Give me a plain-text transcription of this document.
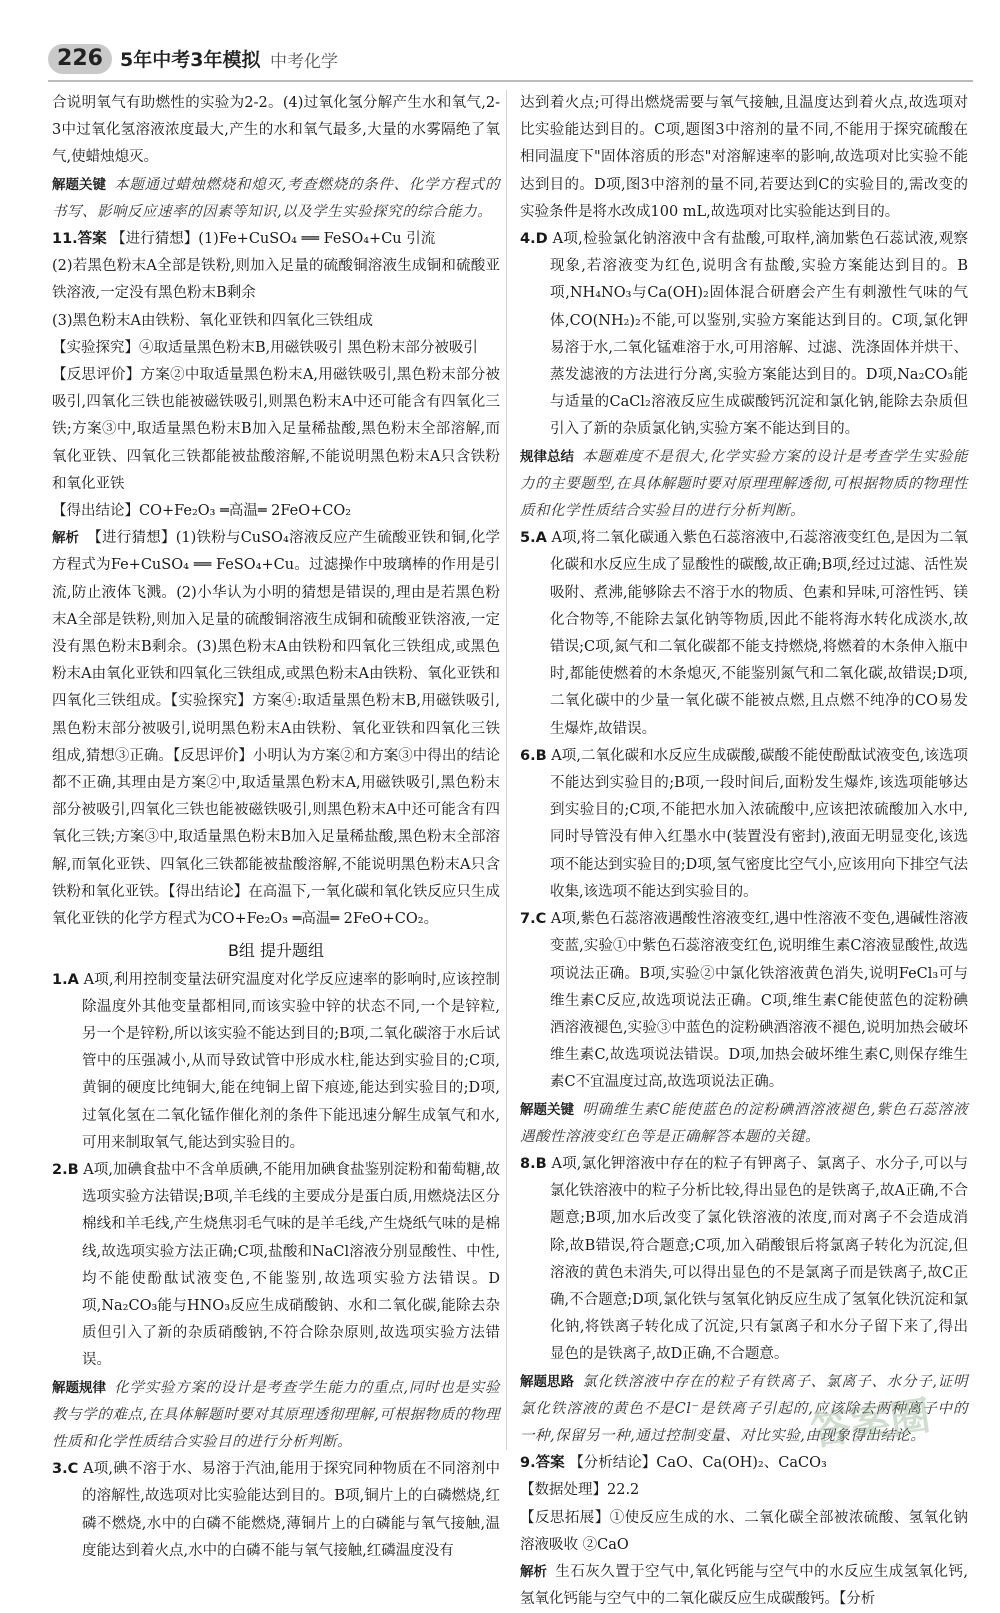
226 5年中考3年模拟 中考化学

合说明氧气有助燃性的实验为2-2。(4)过氧化氢分解产生水和氧气,2-3中过氧化氢溶液浓度最大,产生的水和氧气最多,大量的水雾隔绝了氧气,使蜡烛熄灭。

解题关键 本题通过蜡烛燃烧和熄灭,考查燃烧的条件、化学方程式的书写、影响反应速率的因素等知识,以及学生实验探究的综合能力。

11.答案 【进行猜想】(1)Fe+CuSO₄ ══ FeSO₄+Cu 引流

(2)若黑色粉末A全部是铁粉,则加入足量的硫酸铜溶液生成铜和硫酸亚铁溶液,一定没有黑色粉末B剩余

(3)黑色粉末A由铁粉、氧化亚铁和四氧化三铁组成

【实验探究】④取适量黑色粉末B,用磁铁吸引 黑色粉末部分被吸引

【反思评价】方案②中取适量黑色粉末A,用磁铁吸引,黑色粉末部分被吸引,四氧化三铁也能被磁铁吸引,则黑色粉末A中还可能含有四氧化三铁;方案③中,取适量黑色粉末B加入足量稀盐酸,黑色粉末全部溶解,而氧化亚铁、四氧化三铁都能被盐酸溶解,不能说明黑色粉末A只含铁粉和氧化亚铁

【得出结论】CO+Fe₂O₃ ═高温═ 2FeO+CO₂

解析 【进行猜想】(1)铁粉与CuSO₄溶液反应产生硫酸亚铁和铜,化学方程式为Fe+CuSO₄ ══ FeSO₄+Cu。过滤操作中玻璃棒的作用是引流,防止液体飞溅。(2)小华认为小明的猜想是错误的,理由是若黑色粉末A全部是铁粉,则加入足量的硫酸铜溶液生成铜和硫酸亚铁溶液,一定没有黑色粉末B剩余。(3)黑色粉末A由铁粉和四氧化三铁组成,或黑色粉末A由氧化亚铁和四氧化三铁组成,或黑色粉末A由铁粉、氧化亚铁和四氧化三铁组成。【实验探究】方案④:取适量黑色粉末B,用磁铁吸引,黑色粉末部分被吸引,说明黑色粉末A由铁粉、氧化亚铁和四氧化三铁组成,猜想③正确。【反思评价】小明认为方案②和方案③中得出的结论都不正确,其理由是方案②中,取适量黑色粉末A,用磁铁吸引,黑色粉末部分被吸引,四氧化三铁也能被磁铁吸引,则黑色粉末A中还可能含有四氧化三铁;方案③中,取适量黑色粉末B加入足量稀盐酸,黑色粉末全部溶解,而氧化亚铁、四氧化三铁都能被盐酸溶解,不能说明黑色粉末A只含铁粉和氧化亚铁。【得出结论】在高温下,一氧化碳和氧化铁反应只生成氧化亚铁的化学方程式为CO+Fe₂O₃ ═高温═ 2FeO+CO₂。

B组 提升题组

1.A A项,利用控制变量法研究温度对化学反应速率的影响时,应该控制除温度外其他变量都相同,而该实验中锌的状态不同,一个是锌粒,另一个是锌粉,所以该实验不能达到目的;B项,二氧化碳溶于水后试管中的压强减小,从而导致试管中形成水柱,能达到实验目的;C项,黄铜的硬度比纯铜大,能在纯铜上留下痕迹,能达到实验目的;D项,过氧化氢在二氧化锰作催化剂的条件下能迅速分解生成氧气和水,可用来制取氧气,能达到实验目的。

2.B A项,加碘食盐中不含单质碘,不能用加碘食盐鉴别淀粉和葡萄糖,故选项实验方法错误;B项,羊毛线的主要成分是蛋白质,用燃烧法区分棉线和羊毛线,产生烧焦羽毛气味的是羊毛线,产生烧纸气味的是棉线,故选项实验方法正确;C项,盐酸和NaCl溶液分别显酸性、中性,均不能使酚酞试液变色,不能鉴别,故选项实验方法错误。D项,Na₂CO₃能与HNO₃反应生成硝酸钠、水和二氧化碳,能除去杂质但引入了新的杂质硝酸钠,不符合除杂原则,故选项实验方法错误。

解题规律 化学实验方案的设计是考查学生能力的重点,同时也是实验教与学的难点,在具体解题时要对其原理透彻理解,可根据物质的物理性质和化学性质结合实验目的进行分析判断。

3.C A项,碘不溶于水、易溶于汽油,能用于探究同种物质在不同溶剂中的溶解性,故选项对比实验能达到目的。B项,铜片上的白磷燃烧,红磷不燃烧,水中的白磷不能燃烧,薄铜片上的白磷能与氧气接触,温度能达到着火点,水中的白磷不能与氧气接触,红磷温度没有

达到着火点;可得出燃烧需要与氧气接触,且温度达到着火点,故选项对比实验能达到目的。C项,题图3中溶剂的量不同,不能用于探究硫酸在相同温度下"固体溶质的形态"对溶解速率的影响,故选项对比实验不能达到目的。D项,图3中溶剂的量不同,若要达到C的实验目的,需改变的实验条件是将水改成100 mL,故选项对比实验能达到目的。

4.D A项,检验氯化钠溶液中含有盐酸,可取样,滴加紫色石蕊试液,观察现象,若溶液变为红色,说明含有盐酸,实验方案能达到目的。B项,NH₄NO₃与Ca(OH)₂固体混合研磨会产生有刺激性气味的气体,CO(NH₂)₂不能,可以鉴别,实验方案能达到目的。C项,氯化钾易溶于水,二氧化锰难溶于水,可用溶解、过滤、洗涤固体并烘干、蒸发滤液的方法进行分离,实验方案能达到目的。D项,Na₂CO₃能与适量的CaCl₂溶液反应生成碳酸钙沉淀和氯化钠,能除去杂质但引入了新的杂质氯化钠,实验方案不能达到目的。

规律总结 本题难度不是很大,化学实验方案的设计是考查学生实验能力的主要题型,在具体解题时要对原理理解透彻,可根据物质的物理性质和化学性质结合实验目的进行分析判断。

5.A A项,将二氧化碳通入紫色石蕊溶液中,石蕊溶液变红色,是因为二氧化碳和水反应生成了显酸性的碳酸,故正确;B项,经过过滤、活性炭吸附、煮沸,能够除去不溶于水的物质、色素和异味,可溶性钙、镁化合物等,不能除去氯化钠等物质,因此不能将海水转化成淡水,故错误;C项,氮气和二氧化碳都不能支持燃烧,将燃着的木条伸入瓶中时,都能使燃着的木条熄灭,不能鉴别氮气和二氧化碳,故错误;D项,二氧化碳中的少量一氧化碳不能被点燃,且点燃不纯净的CO易发生爆炸,故错误。

6.B A项,二氧化碳和水反应生成碳酸,碳酸不能使酚酞试液变色,该选项不能达到实验目的;B项,一段时间后,面粉发生爆炸,该选项能够达到实验目的;C项,不能把水加入浓硫酸中,应该把浓硫酸加入水中,同时导管没有伸入红墨水中(装置没有密封),液面无明显变化,该选项不能达到实验目的;D项,氢气密度比空气小,应该用向下排空气法收集,该选项不能达到实验目的。

7.C A项,紫色石蕊溶液遇酸性溶液变红,遇中性溶液不变色,遇碱性溶液变蓝,实验①中紫色石蕊溶液变红色,说明维生素C溶液显酸性,故选项说法正确。B项,实验②中氯化铁溶液黄色消失,说明FeCl₃可与维生素C反应,故选项说法正确。C项,维生素C能使蓝色的淀粉碘酒溶液褪色,实验③中蓝色的淀粉碘酒溶液不褪色,说明加热会破坏维生素C,故选项说法错误。D项,加热会破坏维生素C,则保存维生素C不宜温度过高,故选项说法正确。

解题关键 明确维生素C能使蓝色的淀粉碘酒溶液褪色,紫色石蕊溶液遇酸性溶液变红色等是正确解答本题的关键。

8.B A项,氯化钾溶液中存在的粒子有钾离子、氯离子、水分子,可以与氯化铁溶液中的粒子分析比较,得出显色的是铁离子,故A正确,不合题意;B项,加水后改变了氯化铁溶液的浓度,而对离子不会造成消除,故B错误,符合题意;C项,加入硝酸银后将氯离子转化为沉淀,但溶液的黄色未消失,可以得出显色的不是氯离子而是铁离子,故C正确,不合题意;D项,氯化铁与氢氧化钠反应生成了氢氧化铁沉淀和氯化钠,将铁离子转化成了沉淀,只有氯离子和水分子留下来了,得出显色的是铁离子,故D正确,不合题意。

解题思路 氯化铁溶液中存在的粒子有铁离子、氯离子、水分子,证明氯化铁溶液的黄色不是Cl⁻是铁离子引起的,应该除去两种离子中的一种,保留另一种,通过控制变量、对比实验,由现象得出结论。

9.答案 【分析结论】CaO、Ca(OH)₂、CaCO₃

【数据处理】22.2

【反思拓展】①使反应生成的水、二氧化碳全部被浓硫酸、氢氧化钠溶液吸收 ②CaO

解析 生石灰久置于空气中,氧化钙能与空气中的水反应生成氢氧化钙,氢氧化钙能与空气中的二氧化碳反应生成碳酸钙。【分析

答案圈
